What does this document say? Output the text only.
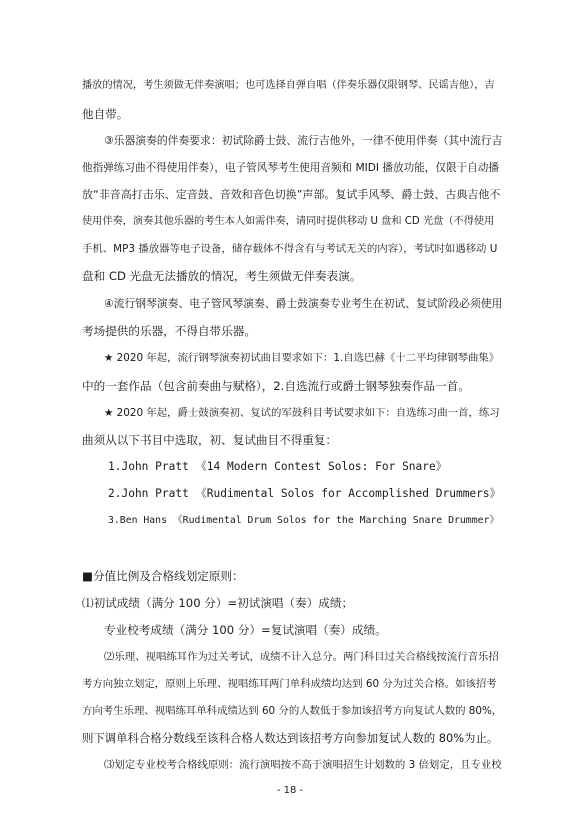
播放的情况，考生须做无伴奏演唱；也可选择自弹自唱（伴奏乐器仅限钢琴、民谣吉他），吉
他自带。
③乐器演奏的伴奏要求：初试除爵士鼓、流行吉他外，一律不使用伴奏（其中流行吉
他指弹练习曲不得使用伴奏），电子管风琴考生使用音频和 MIDI 播放功能，仅限于自动播
放“非音高打击乐、定音鼓、音效和音色切换”声部。复试手风琴、爵士鼓、古典吉他不
使用伴奏，演奏其他乐器的考生本人如需伴奏，请同时提供移动 U 盘和 CD 光盘（不得使用
手机、MP3 播放器等电子设备，储存载体不得含有与考试无关的内容），考试时如遇移动 U
盘和 CD 光盘无法播放的情况，考生须做无伴奏表演。
④流行钢琴演奏、电子管风琴演奏、爵士鼓演奏专业考生在初试、复试阶段必须使用
考场提供的乐器，不得自带乐器。
★ 2020 年起，流行钢琴演奏初试曲目要求如下：1.自选巴赫《十二平均律钢琴曲集》
中的一套作品（包含前奏曲与赋格），2.自选流行或爵士钢琴独奏作品一首。
★ 2020 年起，爵士鼓演奏初、复试的军鼓科目考试要求如下：自选练习曲一首，练习
曲须从以下书目中选取，初、复试曲目不得重复：
1.John Pratt 《14 Modern Contest Solos: For Snare》
2.John Pratt 《Rudimental Solos for Accomplished Drummers》
3.Ben Hans 《Rudimental Drum Solos for the Marching Snare Drummer》
■分值比例及合格线划定原则：
⑴初试成绩（满分 100 分）=初试演唱（奏）成绩；
专业校考成绩（满分 100 分）=复试演唱（奏）成绩。
⑵乐理、视唱练耳作为过关考试，成绩不计入总分。两门科目过关合格线按流行音乐招
考方向独立划定，原则上乐理、视唱练耳两门单科成绩均达到 60 分为过关合格。如该招考
方向考生乐理、视唱练耳单科成绩达到 60 分的人数低于参加该招考方向复试人数的 80%，
则下调单科合格分数线至该科合格人数达到该招考方向参加复试人数的 80%为止。
⑶划定专业校考合格线原则：流行演唱按不高于演唱招生计划数的 3 倍划定，且专业校
- 18 -
